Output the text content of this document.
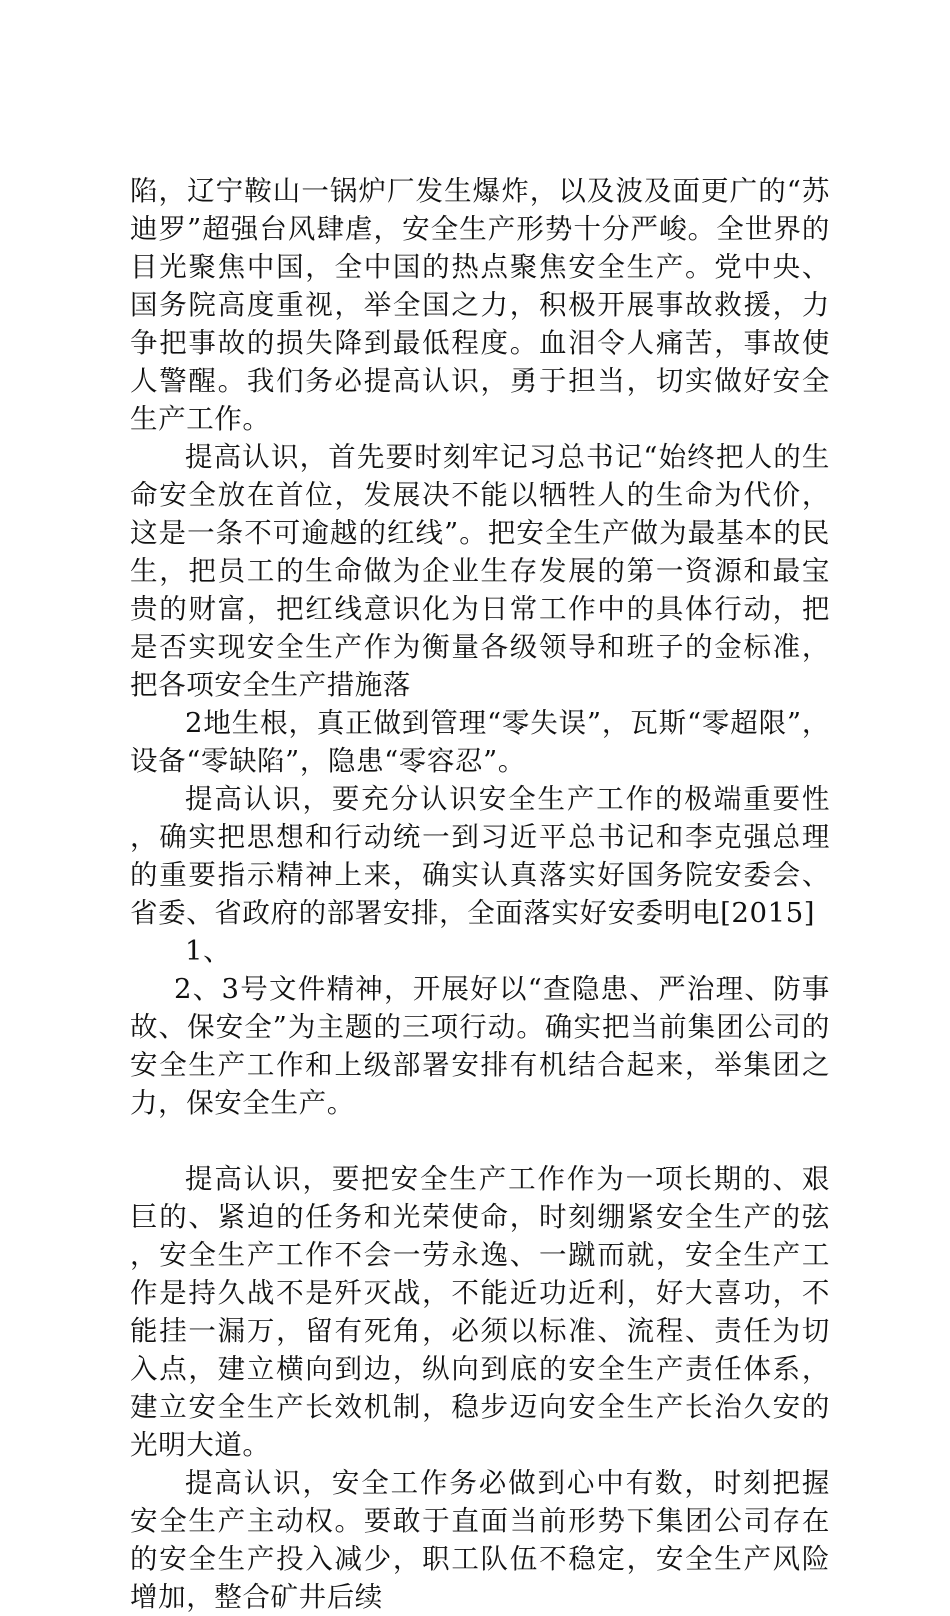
陷，辽宁鞍山一锅炉厂发生爆炸，以及波及面更广的“苏迪罗”超强台风肆虐，安全生产形势十分严峻。全世界的目光聚焦中国，全中国的热点聚焦安全生产。党中央、国务院高度重视，举全国之力，积极开展事故救援，力争把事故的损失降到最低程度。血泪令人痛苦，事故使人警醒。我们务必提高认识，勇于担当，切实做好安全生产工作。

提高认识，首先要时刻牢记习总书记“始终把人的生命安全放在首位，发展决不能以牺牲人的生命为代价，这是一条不可逾越的红线”。把安全生产做为最基本的民生，把员工的生命做为企业生存发展的第一资源和最宝贵的财富，把红线意识化为日常工作中的具体行动，把是否实现安全生产作为衡量各级领导和班子的金标准，把各项安全生产措施落

2地生根，真正做到管理“零失误”，瓦斯“零超限”，设备“零缺陷”，隐患“零容忍”。

提高认识，要充分认识安全生产工作的极端重要性，确实把思想和行动统一到习近平总书记和李克强总理的重要指示精神上来，确实认真落实好国务院安委会、省委、省政府的部署安排，全面落实好安委明电[2015]

1、

2、3号文件精神，开展好以“查隐患、严治理、防事故、保安全”为主题的三项行动。确实把当前集团公司的安全生产工作和上级部署安排有机结合起来，举集团之力，保安全生产。

提高认识，要把安全生产工作作为一项长期的、艰巨的、紧迫的任务和光荣使命，时刻绷紧安全生产的弦，安全生产工作不会一劳永逸、一蹴而就，安全生产工作是持久战不是歼灭战，不能近功近利，好大喜功，不能挂一漏万，留有死角，必须以标准、流程、责任为切入点，建立横向到边，纵向到底的安全生产责任体系，建立安全生产长效机制，稳步迈向安全生产长治久安的光明大道。

提高认识，安全工作务必做到心中有数，时刻把握安全生产主动权。要敢于直面当前形势下集团公司存在的安全生产投入减少，职工队伍不稳定，安全生产风险增加，整合矿井后续
